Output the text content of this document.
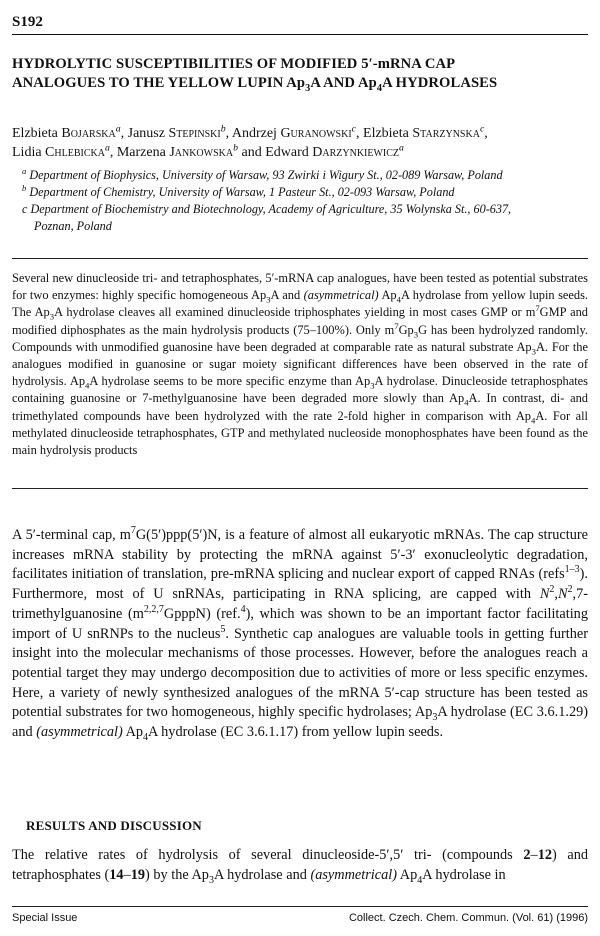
S192
HYDROLYTIC SUSCEPTIBILITIES OF MODIFIED 5′-mRNA CAP
ANALOGUES TO THE YELLOW LUPIN $Ap_3A$ AND $Ap_4A$ HYDROLASES
Elzbieta Bojarska$^a$, Janusz Stepinski$^b$, Andrzej Guranowski$^c$, Elzbieta Starzynska$^c$,
Lidia Chlebicka$^a$, Marzena Jankowska$^b$ and Edward Darzynkiewicz$^a$
$^a$ Department of Biophysics, University of Warsaw, 93 Zwirki i Wigury St., 02-089 Warsaw, Poland
$^b$ Department of Chemistry, University of Warsaw, 1 Pasteur St., 02-093 Warsaw, Poland
c Department of Biochemistry and Biotechnology, Academy of Agriculture, 35 Wolynska St., 60-637,
Poznan, Poland
Several new dinucleoside tri- and tetraphosphates, 5′-mRNA cap analogues, have been tested as potential substrates for two enzymes: highly specific homogeneous $Ap_3A$ and (asymmetrical) $Ap_4A$ hydrolase from yellow lupin seeds. The $Ap_3A$ hydrolase cleaves all examined dinucleoside triphosphates yielding in most cases GMP or $m^7GMP$ and modified diphosphates as the main hydrolysis products (75–100%). Only $m^7Gp_3G$ has been hydrolyzed randomly. Compounds with unmodified guanosine have been degraded at comparable rate as natural substrate $Ap_3A$. For the analogues modified in guanosine or sugar moiety significant differences have been observed in the rate of hydrolysis. $Ap_4A$ hydrolase seems to be more specific enzyme than $Ap_3A$ hydrolase. Dinucleoside tetraphosphates containing guanosine or 7-methylguanosine have been degraded more slowly than $Ap_4A$. In contrast, di- and trimethylated compounds have been hydrolyzed with the rate 2-fold higher in comparison with $Ap_4A$. For all methylated dinucleoside tetraphosphates, GTP and methylated nucleoside monophosphates have been found as the main hydrolysis products
A 5′-terminal cap, $m^7G(5')ppp(5')N$, is a feature of almost all eukaryotic mRNAs. The cap structure increases mRNA stability by protecting the mRNA against 5′-3′ exonucleolytic degradation, facilitates initiation of translation, pre-mRNA splicing and nuclear export of capped RNAs (refs$^{1-3}$). Furthermore, most of U snRNAs, participating in RNA splicing, are capped with $N^2,N^2,7$-trimethylguanosine $(m^{2,2,7}GpppN)$ (ref.$^4$), which was shown to be an important factor facilitating import of U snRNPs to the nucleus$^5$. Synthetic cap analogues are valuable tools in getting further insight into the molecular mechanisms of those processes. However, before the analogues reach a potential target they may undergo decomposition due to activities of more or less specific enzymes. Here, a variety of newly synthesized analogues of the mRNA 5′-cap structure has been tested as potential substrates for two homogeneous, highly specific hydrolases; $Ap_3A$ hydrolase (EC 3.6.1.29) and (asymmetrical) $Ap_4A$ hydrolase (EC 3.6.1.17) from yellow lupin seeds.
RESULTS AND DISCUSSION
The relative rates of hydrolysis of several dinucleoside-5′,5′ tri- (compounds 2–12) and tetraphosphates (14–19) by the $Ap_3A$ hydrolase and (asymmetrical) $Ap_4A$ hydrolase in
Special Issue	Collect. Czech. Chem. Commun. (Vol. 61) (1996)
